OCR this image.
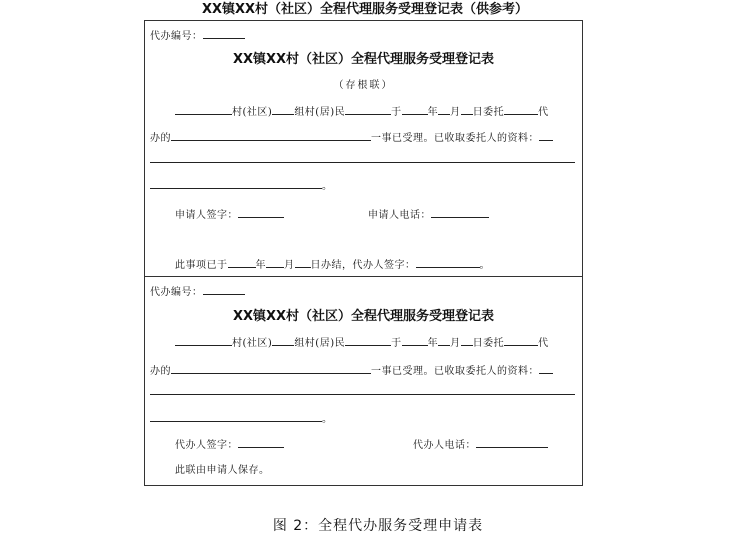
XX镇XX村（社区）全程代理服务受理登记表（供参考）
代办编号：
XX镇XX村（社区）全程代理服务受理登记表
（存根联）
村(社区) 组村(居)民	于	年 月 日委托	代
办的	一事已受理。已收取委托人的资料：
。
申请人签字：	申请人电话：
此事项已于	年 月 日办结，代办人签字：	。
代办编号：
XX镇XX村（社区）全程代理服务受理登记表
村(社区) 组村(居)民	于	年 月 日委托	代
办的	一事已受理。已收取委托人的资料：
。
代办人签字：	代办人电话：
此联由申请人保存。
图 2：全程代办服务受理申请表
